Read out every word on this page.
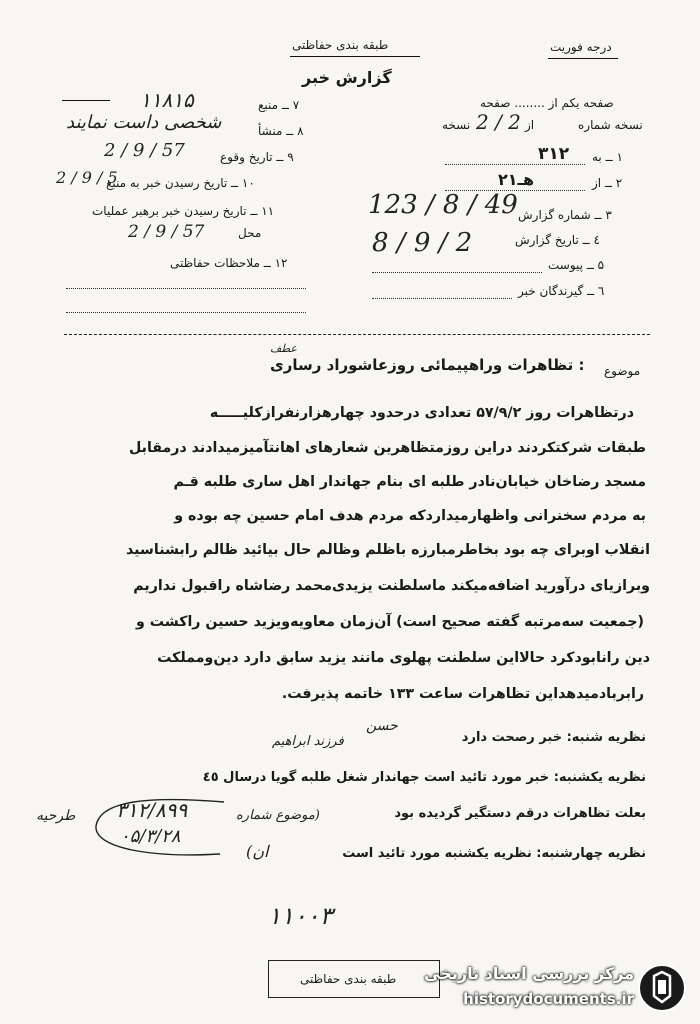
طبقه بندی حفاظتی	درجه فوریت
گزارش خبر
صفحه یکم از ........ صفحه
نسخه شماره
از
نسخه 2 / 2
۱ ــ به
۳۱۲
۲ ــ از
۲هـ۱
۳ ــ شماره گزارش
123 / 8 / 49
٤ ــ تاریخ گزارش
8 / 9 / 2
۵ ــ پیوست
٦ ــ گیرندگان خبر
۷ ــ منبع
۱۱۸۱۵
۸ ــ منشأ
شخصی داست نمایند
۹ ــ تاریخ وقوع
2 / 9 / 57
۱۰ ــ تاریخ رسیدن خبر به منبع
2 / 9 / 5
۱۱ ــ تاریخ رسیدن خبر برهبر عملیات
محل
2 / 9 / 57
۱۲ ــ ملاحظات حفاظتی
موضوع
: تظاهرات وراهپیمائی روزعاشوراد رساری
عطف
درتظاهرات روز ۵۷/۹/۲ تعدادی درحدود چهارهزارنفرازکلیـــــه
طبقات شرکتکردند دراین روزمتظاهرین شعارهای اهانتآمیزمیدادند درمقابل
مسجد رضاخان خیابان‌نادر طلبه ای بنام جهاندار اهل ساری طلبه قـم
به مردم سخنرانی واظهارمیداردکه مردم هدف امام حسین چه بوده و
انقلاب اوبرای چه بود بخاطرمبارزه باظلم وظالم حال بیائید ظالم رابشناسید
وبرازیای درآورید اضافه‌میکند ماسلطنت یزیدی‌محمد رضاشاه راقبول نداریم
(جمعیت سه‌مرتبه گفته صحیح است) آن‌زمان معاویه‌ویزید حسین راکشت و
دین رانابودکرد حالااین سلطنت پهلوی مانند یزید سابق دارد دین‌ومملکت
رابربادمیدهداین تظاهرات ساعت ۱۳۳ خاتمه پذیرفت.
نظریه شنبه: خبر رصحت دارد
حسن
فرزند ابراهیم
نظریه یکشنبه: خبر مورد تائید است جهاندار شغل طلبه گویا درسال ٤٥
بعلت تظاهرات درقم دستگیر گردیده بود
(موضوع شماره
نظریه چهارشنبه: نظریه یکشنبه مورد تائید است
(ان
۳۱۲/۸۹۹
۰۵/۳/۲۸
طرحیه
۱۱۰۰۳
طبقه بندی حفاظتی مرکز بررسی اسناد تاریخی
historydocuments.ir
